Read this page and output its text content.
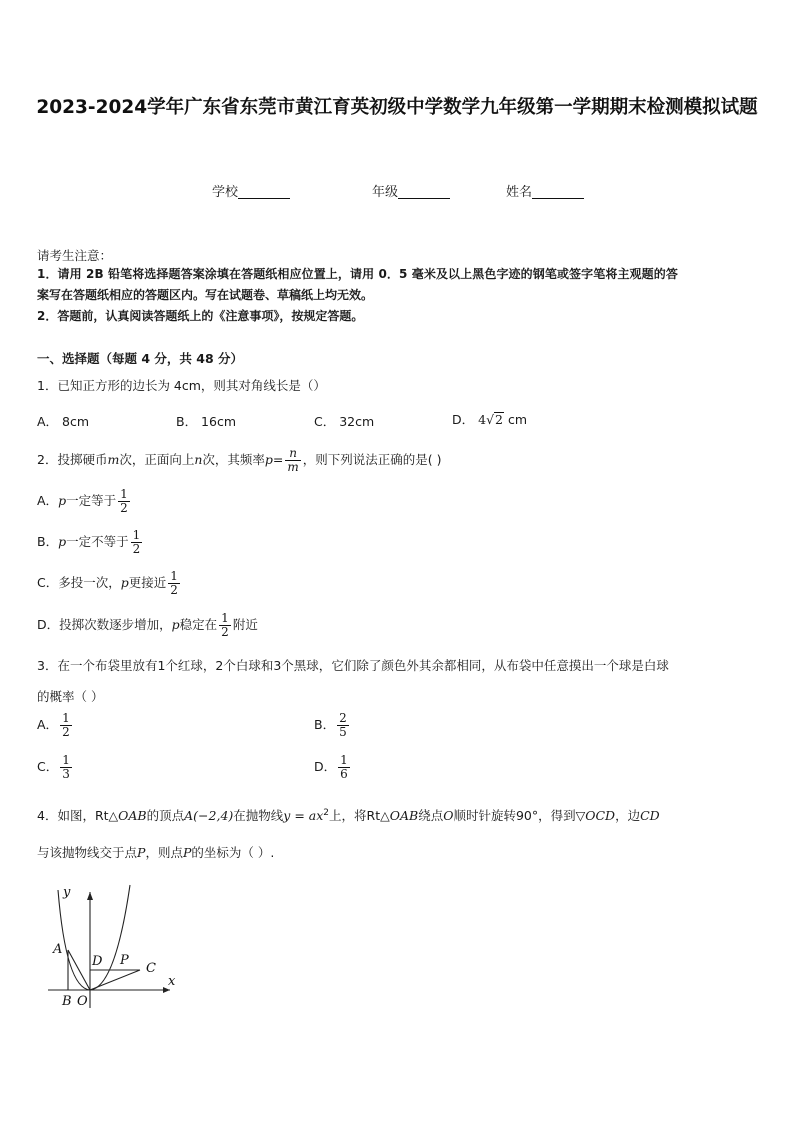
2023-2024学年广东省东莞市黄江育英初级中学数学九年级第一学期期末检测模拟试题
学校	年级	姓名
请考生注意：
1．请用 2B 铅笔将选择题答案涂填在答题纸相应位置上，请用 0．5 毫米及以上黑色字迹的钢笔或签字笔将主观题的答
案写在答题纸相应的答题区内。写在试题卷、草稿纸上均无效。
2．答题前，认真阅读答题纸上的《注意事项》，按规定答题。
一、选择题（每题 4 分，共 48 分）
1．已知正方形的边长为 4cm，则其对角线长是（）
A． 8cm	B． 16cm	C． 32cm	D． 4√2 cm
2．投掷硬币m次，正面向上n次，其频率$p= \frac{n}{m}$ ，则下列说法正确的是( )
A．p一定等于 $\frac{1}{2}$
B．p一定不等于 $\frac{1}{2}$
C．多投一次，p更接近 $\frac{1}{2}$
D．投掷次数逐步增加，p稳定在 $\frac{1}{2}$ 附近
3．在一个布袋里放有1个红球，2个白球和3个黑球，它们除了颜色外其余都相同，从布袋中任意摸出一个球是白球
的概率（ ）
A． $\frac{1}{2}$	B． $\frac{2}{5}$
C． $\frac{1}{3}$	D． $\frac{1}{6}$
4．如图，Rt△OAB的顶点A(−2,4)在抛物线$y = ax^2$上，将Rt△OAB绕点O顺时针旋转90°，得到▽OCD，边CD
与该抛物线交于点P，则点P的坐标为（ ）.
y
x
A
B O
D P
C
